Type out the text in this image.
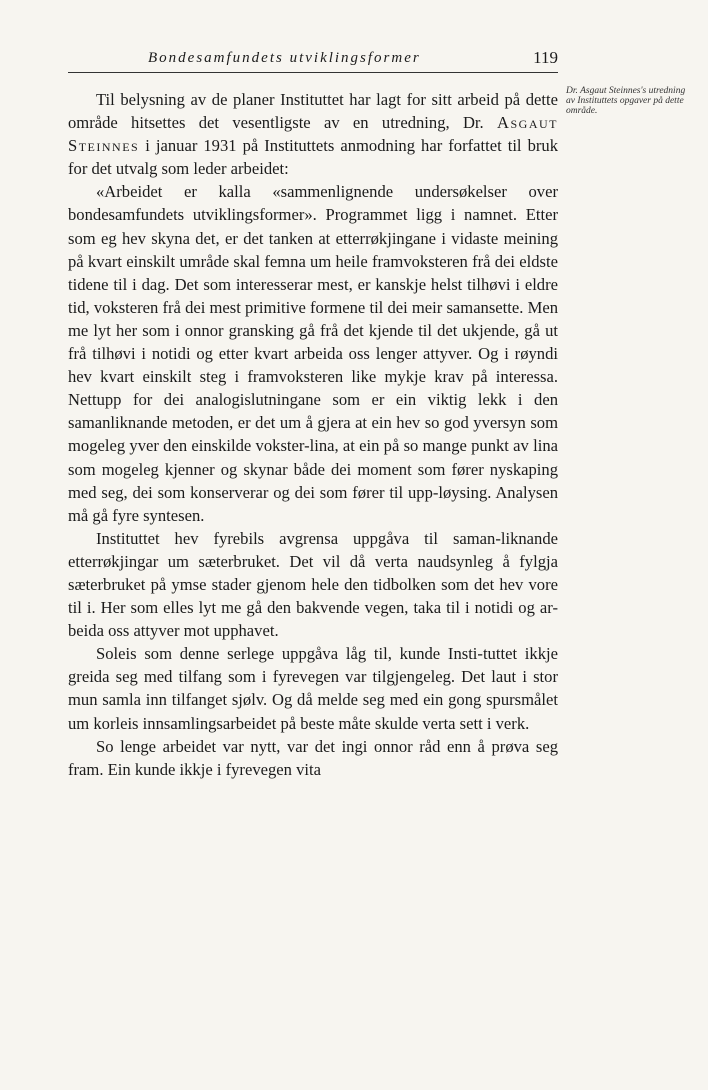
Bondesamfundets utviklingsformer	119
Dr. Asgaut Steinnes's utredning av Instituttets opgaver på dette område.

Til belysning av de planer Instituttet har lagt for sitt arbeid på dette område hitsettes det vesentligste av en utredning, Dr. Asgaut Steinnes i januar 1931 på Instituttets anmodning har forfattet til bruk for det utvalg som leder arbeidet:

«Arbeidet er kalla «sammenlignende undersøkelser over bondesamfundets utviklingsformer». Programmet ligg i namnet. Etter som eg hev skyna det, er det tanken at etterrøkjingane i vidaste meining på kvart einskilt umråde skal femna um heile framvoksteren frå dei eldste tidene til i dag. Det som interesserar mest, er kanskje helst tilhøvi i eldre tid, voksteren frå dei mest primitive formene til dei meir samansette. Men me lyt her som i onnor gransking gå frå det kjende til det ukjende, gå ut frå tilhøvi i notidi og etter kvart arbeida oss lenger attyver. Og i røyndi hev kvart einskilt steg i framvoksteren like mykje krav på interessa. Nettupp for dei analogislutningane som er ein viktig lekk i den samanliknande metoden, er det um å gjera at ein hev so god yversyn som mogeleg yver den einskilde vokster-lina, at ein på so mange punkt av lina som mogeleg kjenner og skynar både dei moment som fører nyskaping med seg, dei som konserverar og dei som fører til upp-løysing. Analysen må gå fyre syntesen.

Instituttet hev fyrebils avgrensa uppgåva til saman-liknande etterrøkjingar um sæterbruket. Det vil då verta naudsynleg å fylgja sæterbruket på ymse stader gjenom hele den tidbolken som det hev vore til i. Her som elles lyt me gå den bakvende vegen, taka til i notidi og ar-beida oss attyver mot upphavet.

Soleis som denne serlege uppgåva låg til, kunde Insti-tuttet ikkje greida seg med tilfang som i fyrevegen var tilgjengeleg. Det laut i stor mun samla inn tilfanget sjølv. Og då melde seg med ein gong spursmålet um korleis innsamlingsarbeidet på beste måte skulde verta sett i verk.

So lenge arbeidet var nytt, var det ingi onnor råd enn å prøva seg fram. Ein kunde ikkje i fyrevegen vita
